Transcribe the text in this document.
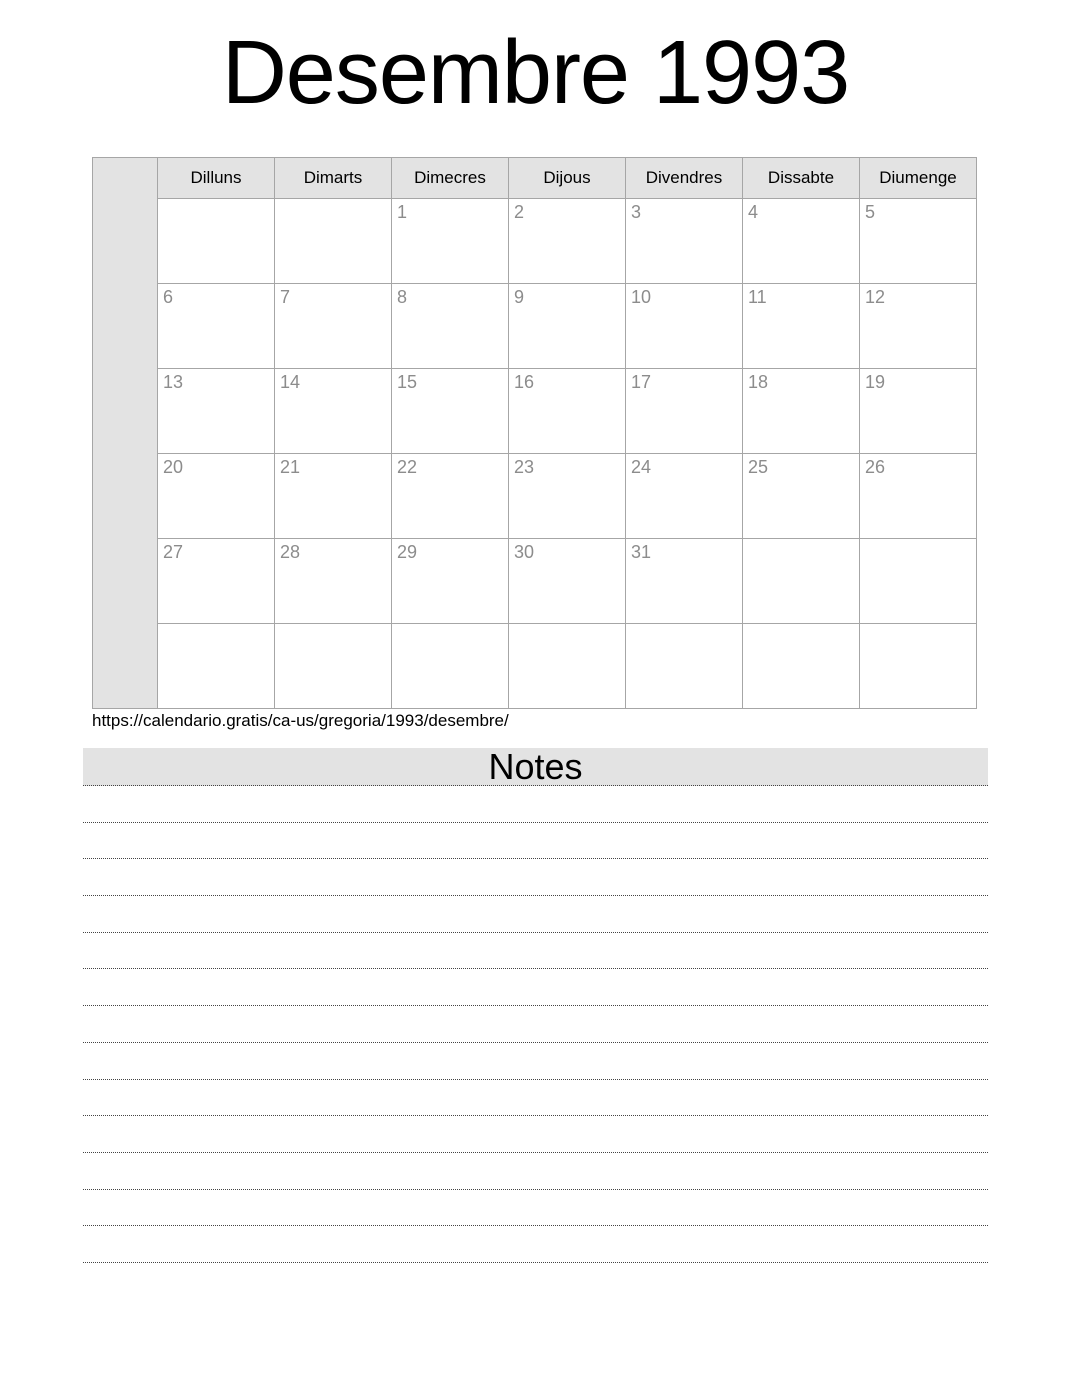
Desembre 1993
	Dilluns	Dimarts	Dimecres	Dijous	Divendres	Dissabte	Diumenge
			1	2	3	4	5
	6	7	8	9	10	11	12
	13	14	15	16	17	18	19
	20	21	22	23	24	25	26
	27	28	29	30	31		

https://calendario.gratis/ca-us/gregoria/1993/desembre/
Notes
